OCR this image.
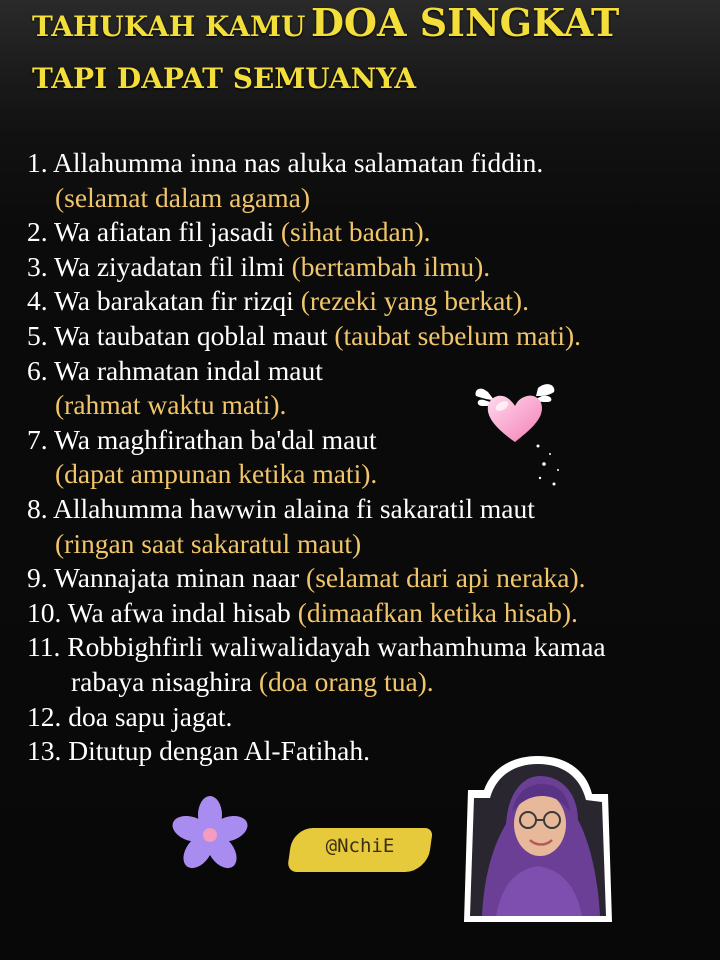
TAHUKAH KAMU DOA SINGKAT
TAPI DAPAT SEMUANYA
1. Allahumma inna nas aluka salamatan fiddin.
(selamat dalam agama)
2. Wa afiatan fil jasadi (sihat badan).
3. Wa ziyadatan fil ilmi (bertambah ilmu).
4. Wa barakatan fir rizqi (rezeki yang berkat).
5. Wa taubatan qoblal maut (taubat sebelum mati).
6. Wa rahmatan indal maut
(rahmat waktu mati).
7. Wa maghfirathan ba'dal maut
(dapat ampunan ketika mati).
8. Allahumma hawwin alaina fi sakaratil maut
(ringan saat sakaratul maut)
9. Wannajata minan naar (selamat dari api neraka).
10. Wa afwa indal hisab (dimaafkan ketika hisab).
11. Robbighfirli waliwalidayah warhamhuma kamaa
rabaya nisaghira (doa orang tua).
12. doa sapu jagat.
13. Ditutup dengan Al-Fatihah.
@NchiE
